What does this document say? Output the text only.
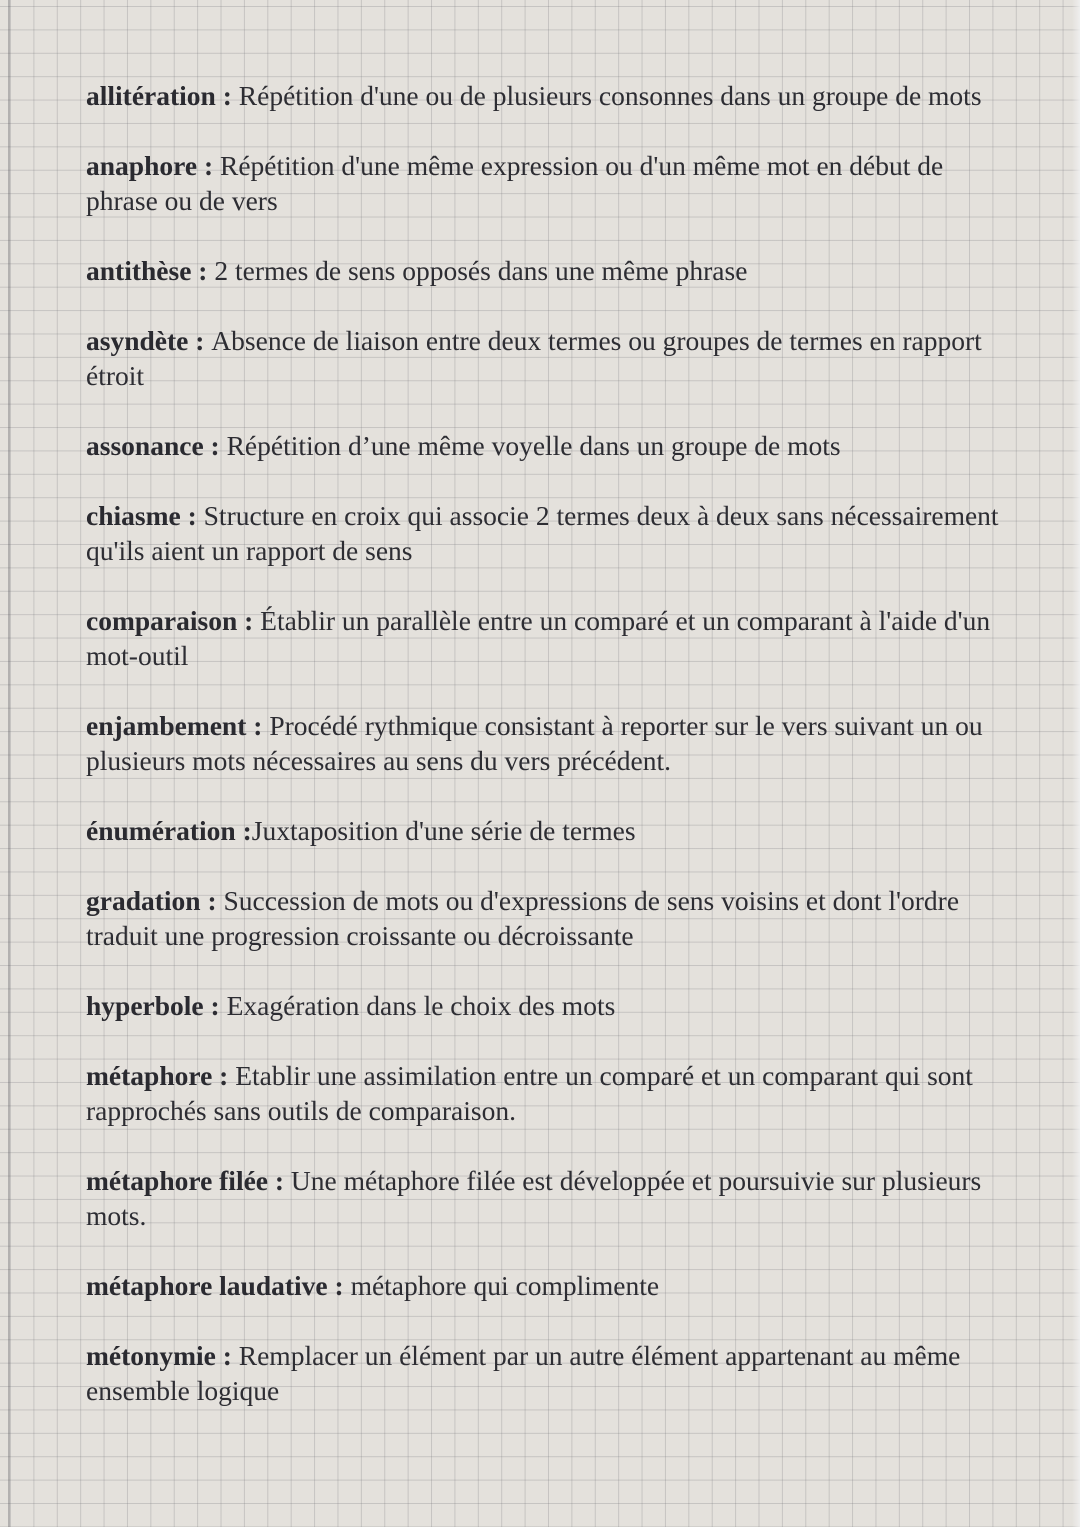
allitération : Répétition d'une ou de plusieurs consonnes dans un groupe de mots

anaphore : Répétition d'une même expression ou d'un même mot en début de phrase ou de vers

antithèse : 2 termes de sens opposés dans une même phrase

asyndète : Absence de liaison entre deux termes ou groupes de termes en rapport étroit

assonance : Répétition d’une même voyelle dans un groupe de mots

chiasme : Structure en croix qui associe 2 termes deux à deux sans nécessairement qu'ils aient un rapport de sens

comparaison : Établir un parallèle entre un comparé et un comparant à l'aide d'un mot-outil

enjambement : Procédé rythmique consistant à reporter sur le vers suivant un ou plusieurs mots nécessaires au sens du vers précédent.

énumération :Juxtaposition d'une série de termes

gradation : Succession de mots ou d'expressions de sens voisins et dont l'ordre traduit une progression croissante ou décroissante

hyperbole : Exagération dans le choix des mots

métaphore : Etablir une assimilation entre un comparé et un comparant qui sont rapprochés sans outils de comparaison.

métaphore filée : Une métaphore filée est développée et poursuivie sur plusieurs mots.

métaphore laudative : métaphore qui complimente

métonymie : Remplacer un élément par un autre élément appartenant au même ensemble logique
